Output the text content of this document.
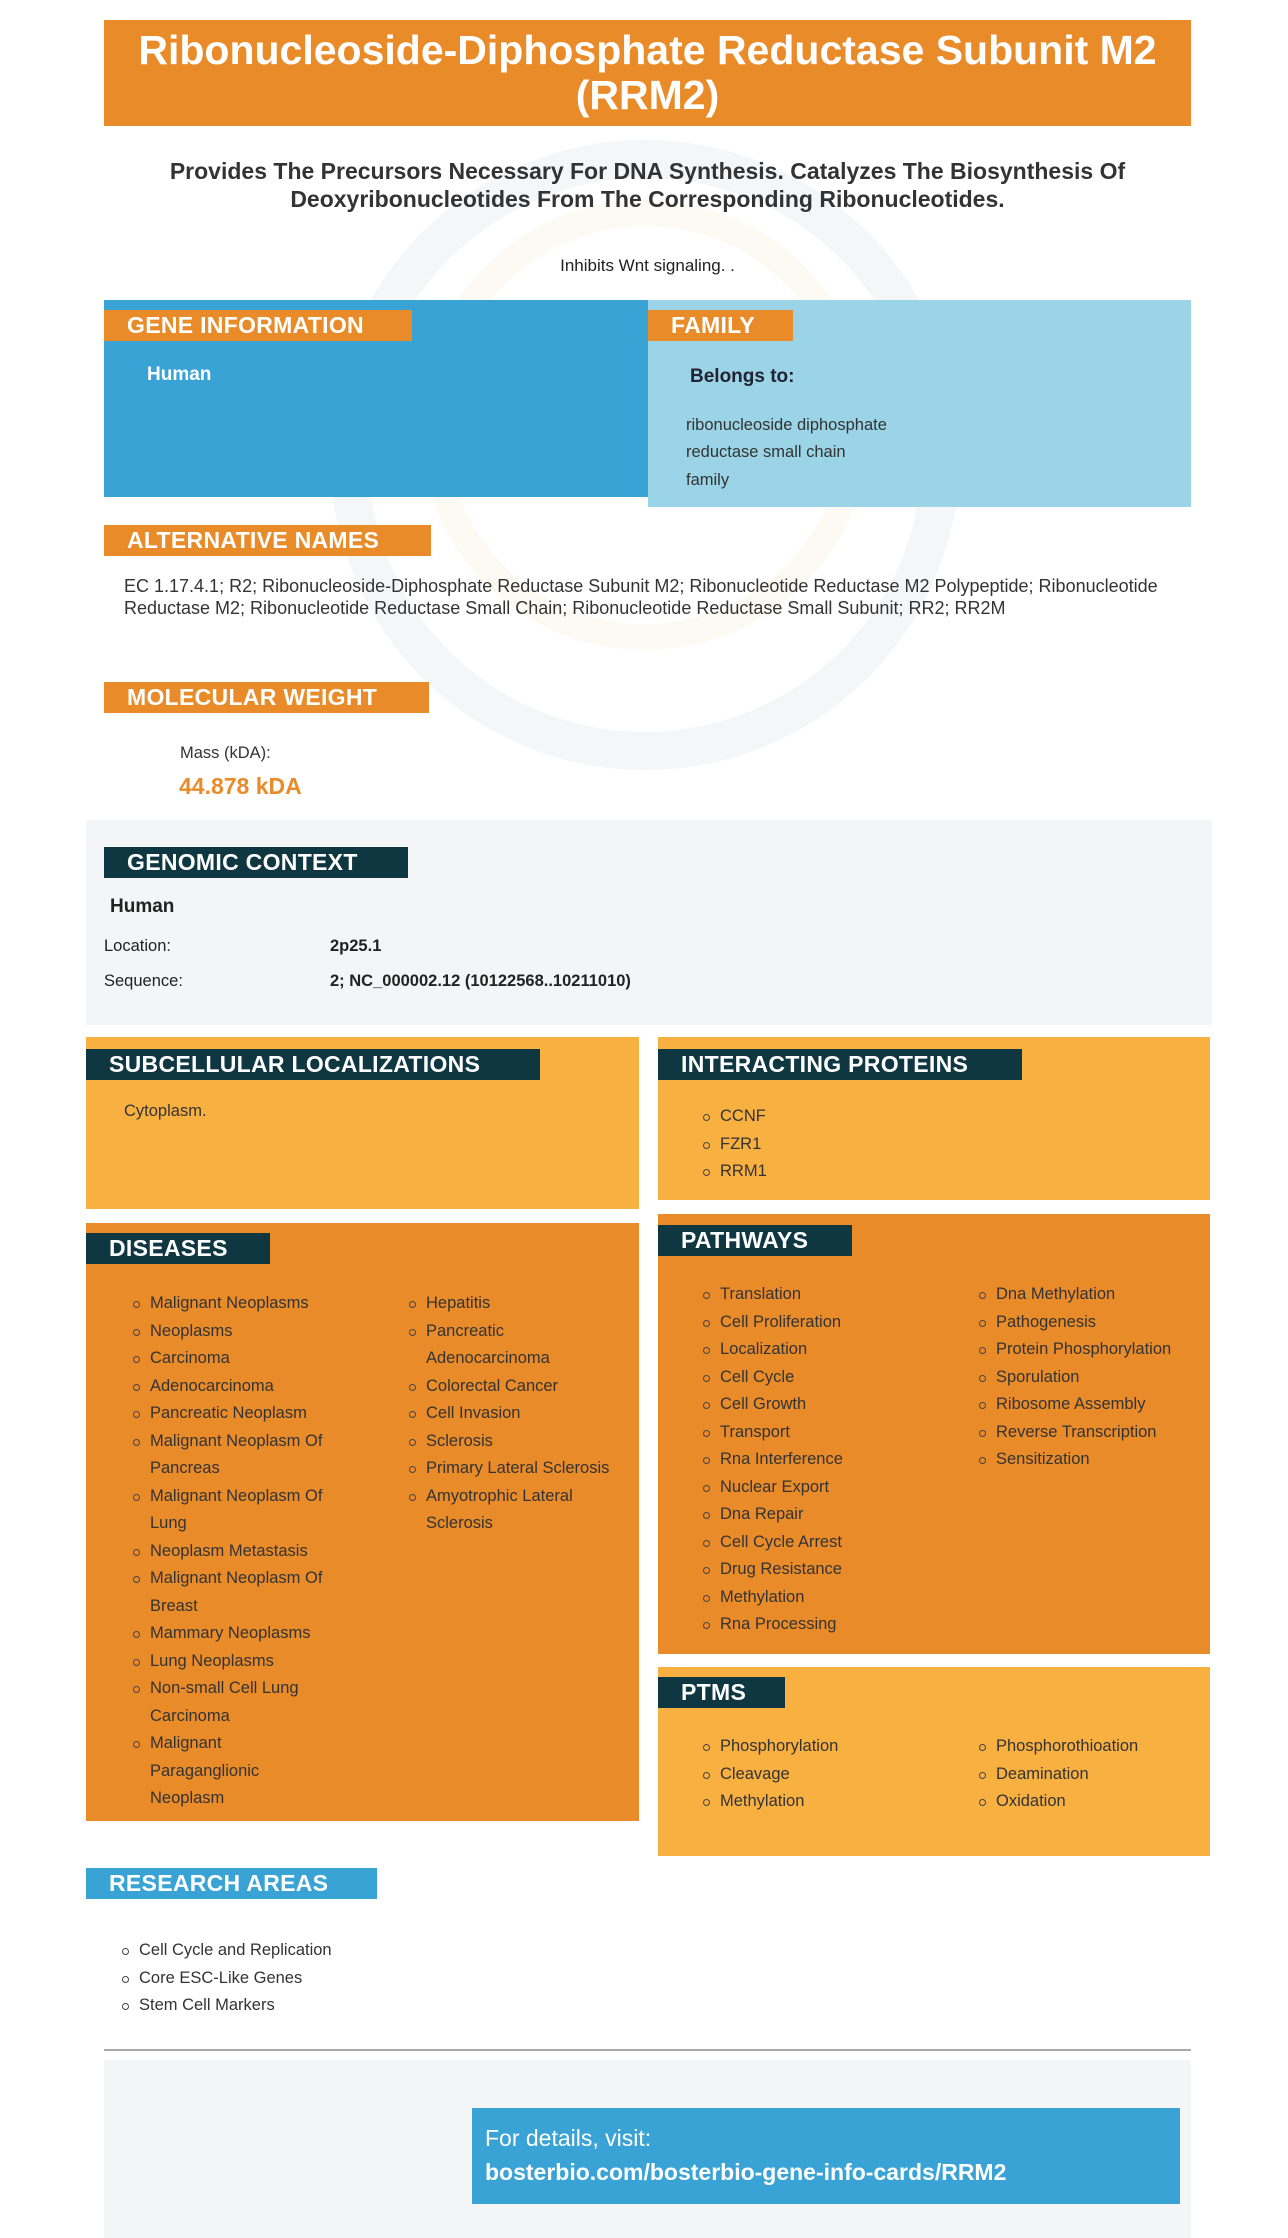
Ribonucleoside-Diphosphate Reductase Subunit M2 (RRM2)
Provides The Precursors Necessary For DNA Synthesis. Catalyzes The Biosynthesis Of Deoxyribonucleotides From The Corresponding Ribonucleotides.
Inhibits Wnt signaling. .
GENE INFORMATION
Human
FAMILY
Belongs to:
ribonucleoside diphosphate
reductase small chain
family
ALTERNATIVE NAMES
EC 1.17.4.1; R2; Ribonucleoside-Diphosphate Reductase Subunit M2; Ribonucleotide Reductase M2 Polypeptide; Ribonucleotide Reductase M2; Ribonucleotide Reductase Small Chain; Ribonucleotide Reductase Small Subunit; RR2; RR2M
MOLECULAR WEIGHT
Mass (kDA):
44.878 kDA
GENOMIC CONTEXT
Human
Location:	2p25.1
Sequence:	2; NC_000002.12 (10122568..10211010)
SUBCELLULAR LOCALIZATIONS
Cytoplasm.
INTERACTING PROTEINS
CCNF
FZR1
RRM1
DISEASES
Malignant Neoplasms
Neoplasms
Carcinoma
Adenocarcinoma
Pancreatic Neoplasm
Malignant Neoplasm Of Pancreas
Malignant Neoplasm Of Lung
Neoplasm Metastasis
Malignant Neoplasm Of Breast
Mammary Neoplasms
Lung Neoplasms
Non-small Cell Lung Carcinoma
Malignant Paraganglionic Neoplasm
Hepatitis
Pancreatic Adenocarcinoma
Colorectal Cancer
Cell Invasion
Sclerosis
Primary Lateral Sclerosis
Amyotrophic Lateral Sclerosis
PATHWAYS
Translation
Cell Proliferation
Localization
Cell Cycle
Cell Growth
Transport
Rna Interference
Nuclear Export
Dna Repair
Cell Cycle Arrest
Drug Resistance
Methylation
Rna Processing
Dna Methylation
Pathogenesis
Protein Phosphorylation
Sporulation
Ribosome Assembly
Reverse Transcription
Sensitization
PTMS
Phosphorylation
Cleavage
Methylation
Phosphorothioation
Deamination
Oxidation
RESEARCH AREAS
Cell Cycle and Replication
Core ESC-Like Genes
Stem Cell Markers
For details, visit:
bosterbio.com/bosterbio-gene-info-cards/RRM2
